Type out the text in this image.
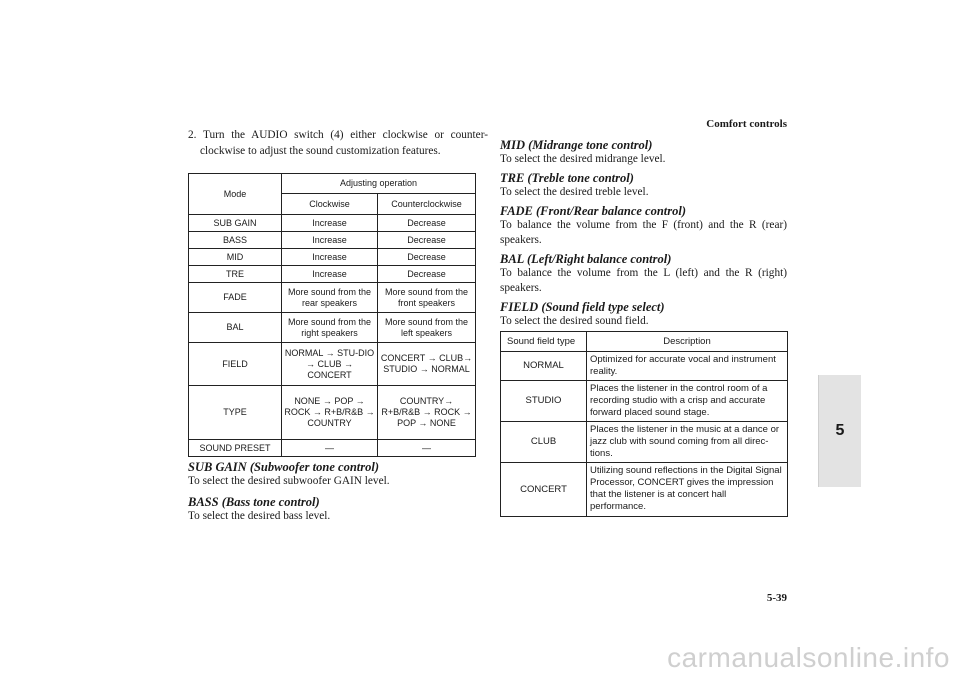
Comfort controls
5
2. Turn the AUDIO switch (4) either clockwise or counter-clockwise to adjust the sound customization features.
Mode	Adjusting operation	
	Clockwise	Counterclockwise
SUB GAIN	Increase	Decrease
BASS	Increase	Decrease
MID	Increase	Decrease
TRE	Increase	Decrease
FADE	More sound from the rear speakers	More sound from the front speakers
BAL	More sound from the right speakers	More sound from the left speakers
FIELD	NORMAL → STU-DIO → CLUB → CONCERT	CONCERT → CLUB→ STUDIO → NORMAL
TYPE	NONE → POP → ROCK → R+B/R&B → COUNTRY	COUNTRY→ R+B/R&B → ROCK → POP → NONE
SOUND PRESET	—	—
SUB GAIN (Subwoofer tone control)
To select the desired subwoofer GAIN level.
BASS (Bass tone control)
To select the desired bass level.
MID (Midrange tone control)
To select the desired midrange level.
TRE (Treble tone control)
To select the desired treble level.
FADE (Front/Rear balance control)
To balance the volume from the F (front) and the R (rear) speakers.
BAL (Left/Right balance control)
To balance the volume from the L (left) and the R (right) speakers.
FIELD (Sound field type select)
To select the desired sound field.
Sound field type	Description
NORMAL	Optimized for accurate vocal and instrument reality.
STUDIO	Places the listener in the control room of a recording studio with a crisp and accurate forward placed sound stage.
CLUB	Places the listener in the music at a dance or jazz club with sound coming from all direc-tions.
CONCERT	Utilizing sound reflections in the Digital Signal Processor, CONCERT gives the impression that the listener is at concert hall performance.
5-39
carmanualsonline.info
